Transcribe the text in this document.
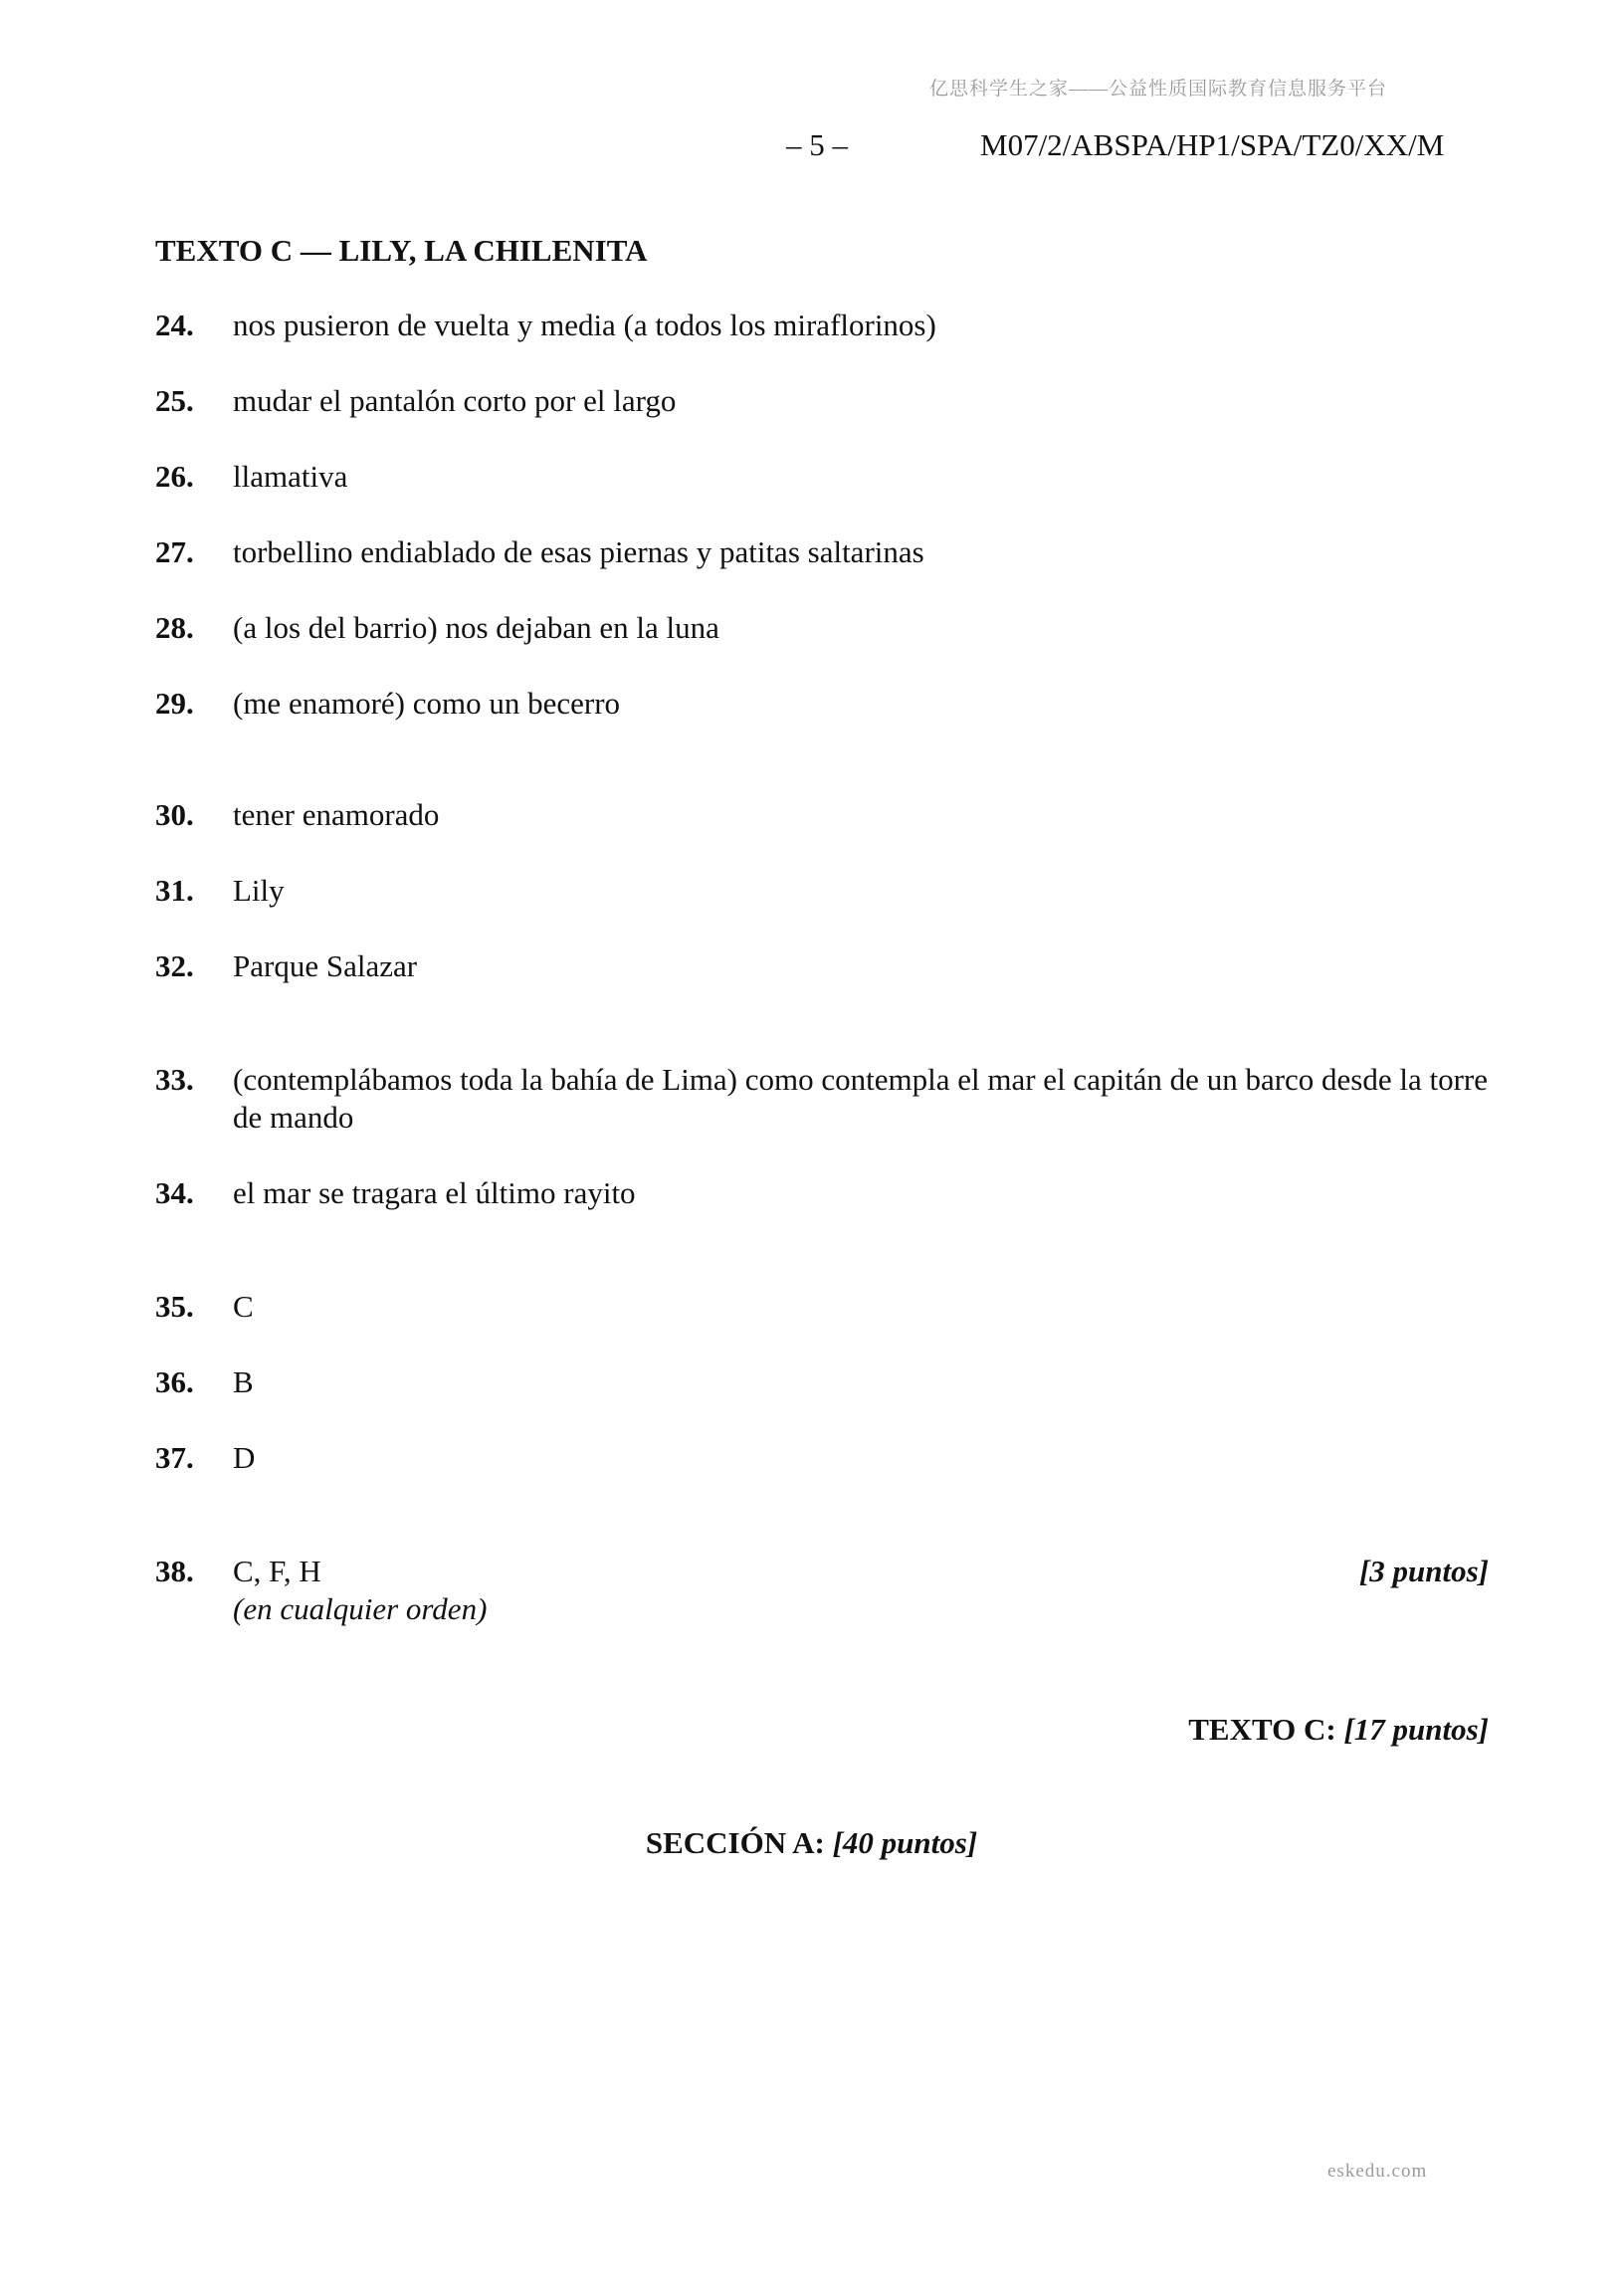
亿思科学生之家——公益性质国际教育信息服务平台
– 5 –	M07/2/ABSPA/HP1/SPA/TZ0/XX/M
TEXTO C — LILY, LA CHILENITA
24. nos pusieron de vuelta y media (a todos los miraflorinos)
25. mudar el pantalón corto por el largo
26. llamativa
27. torbellino endiablado de esas piernas y patitas saltarinas
28. (a los del barrio) nos dejaban en la luna
29. (me enamoré) como un becerro
30. tener enamorado
31. Lily
32. Parque Salazar
33. (contemplábamos toda la bahía de Lima) como contempla el mar el capitán de un barco desde la torre de mando
34. el mar se tragara el último rayito
35. C
36. B
37. D
38. C, F, H
(en cualquier orden)
[3 puntos]
TEXTO C: [17 puntos]
SECCIÓN A: [40 puntos]
eskedu.com
